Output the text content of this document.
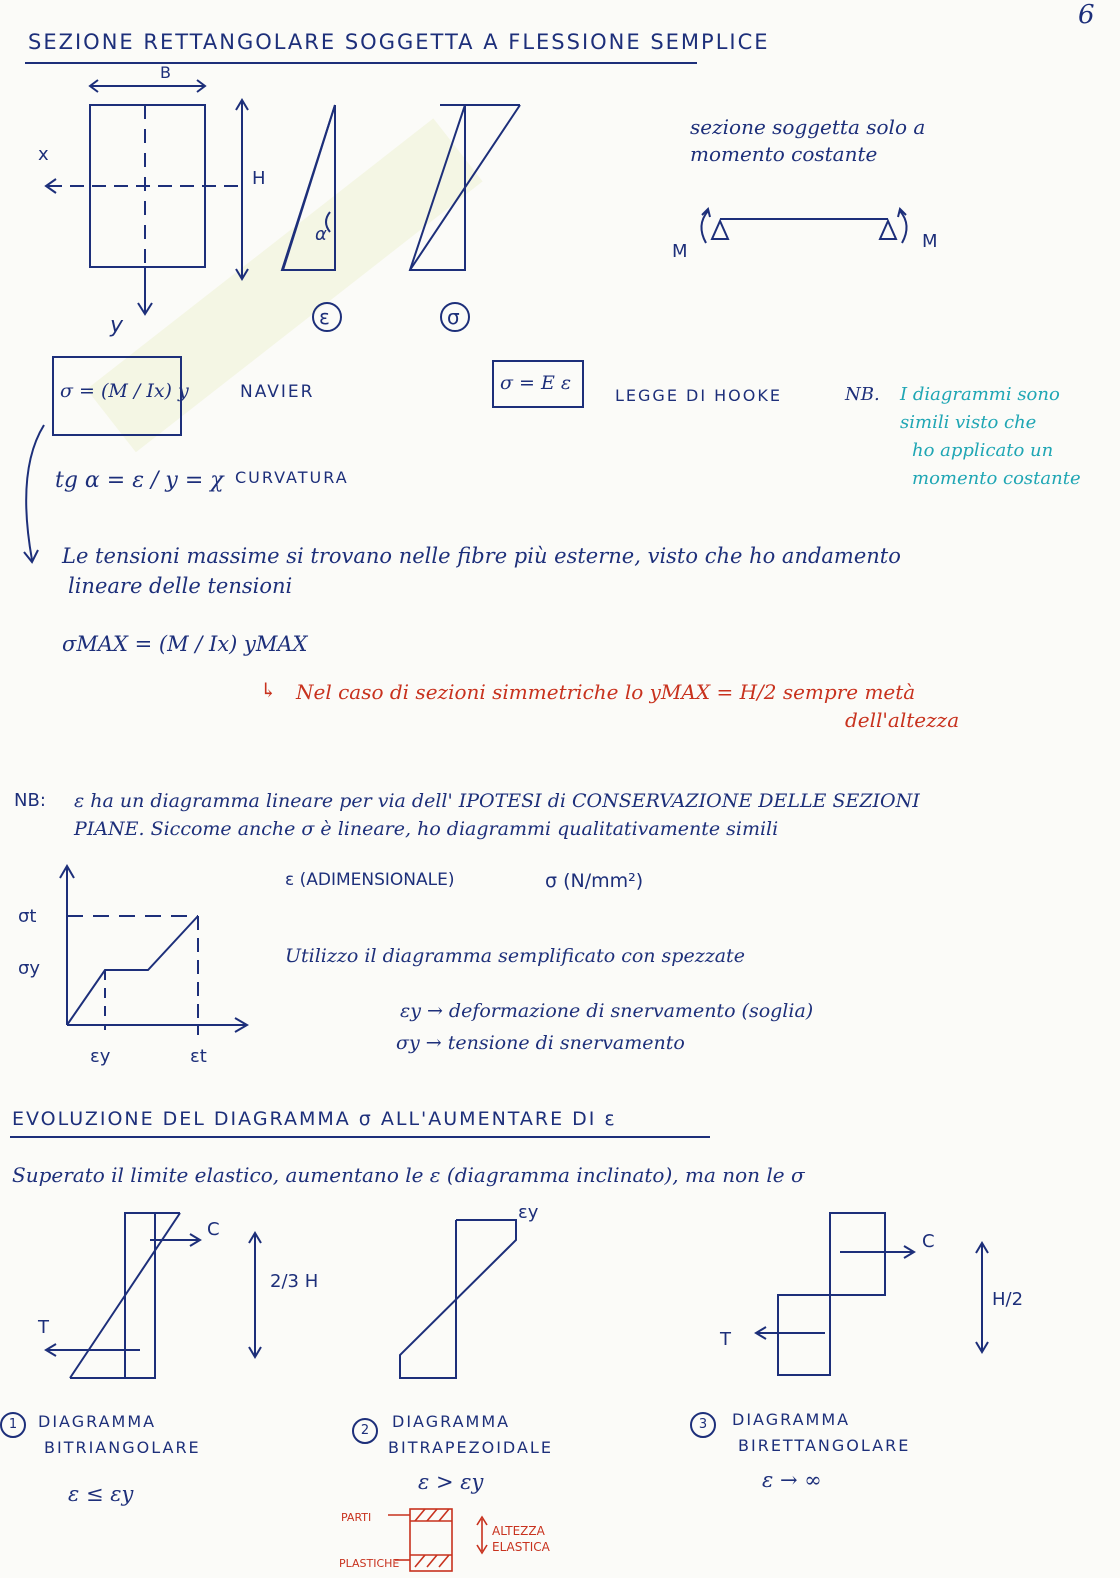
6
SEZIONE RETTANGOLARE SOGGETTA A FLESSIONE SEMPLICE
B
H
x
y
α
ε	σ
sezione soggetta solo a
momento costante
M	M
σ = (M / Ix) y	NAVIER	σ = E ε
LEGGE DI HOOKE	NB. I diagrammi sono
simili visto che
ho applicato un
momento costante
tg α = ε / y = χ CURVATURA
Le tensioni massime si trovano nelle fibre più esterne, visto che ho andamento
lineare delle tensioni
σMAX = (M / Ix) yMAX
↳ Nel caso di sezioni simmetriche lo yMAX = H/2 sempre metà
dell'altezza
NB: ε ha un diagramma lineare per via dell' IPOTESI di CONSERVAZIONE DELLE SEZIONI
PIANE. Siccome anche σ è lineare, ho diagrammi qualitativamente simili
σt
σy
εy	εt
ε (ADIMENSIONALE)	σ (N/mm²)
Utilizzo il diagramma semplificato con spezzate
εy → deformazione di snervamento (soglia)
σy → tensione di snervamento
EVOLUZIONE DEL DIAGRAMMA σ ALL'AUMENTARE DI ε
Superato il limite elastico, aumentano le ε (diagramma inclinato), ma non le σ
C
T
2/3 H
εy
C
T
H/2
1	DIAGRAMMA
BITRIANGOLARE
ε ≤ εy
2	DIAGRAMMA
BITRAPEZOIDALE
ε > εy
3	DIAGRAMMA
BIRETTANGOLARE
ε → ∞
PARTI
PLASTICHE
ALTEZZA
ELASTICA
